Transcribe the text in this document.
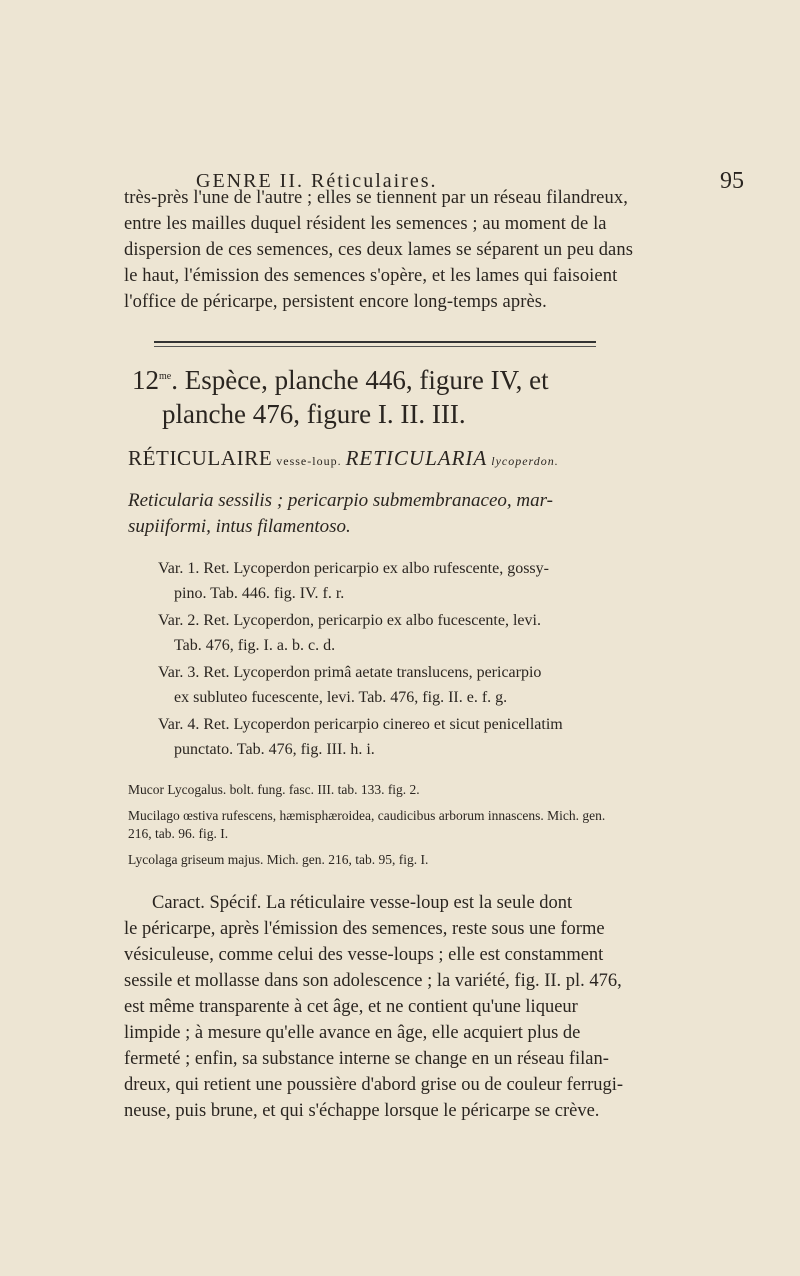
GENRE II. Réticulaires.	95
très-près l'une de l'autre ; elles se tiennent par un réseau filandreux,
entre les mailles duquel résident les semences ; au moment de la
dispersion de ces semences, ces deux lames se séparent un peu dans
le haut, l'émission des semences s'opère, et les lames qui faisoient
l'office de péricarpe, persistent encore long-temps après.
$12^{me}$. Espèce, planche 446, figure IV, et
planche 476, figure I. II. III.
RÉTICULAIRE vesse-loup. RETICULARIA lycoperdon.
Reticularia sessilis ; pericarpio submembranaceo, mar-
supiiformi, intus filamentoso.
Var. 1. Ret. Lycoperdon pericarpio ex albo rufescente, gossy-
pino. Tab. 446. fig. IV. f. r.
Var. 2. Ret. Lycoperdon, pericarpio ex albo fucescente, levi.
Tab. 476, fig. I. a. b. c. d.
Var. 3. Ret. Lycoperdon primâ aetate translucens, pericarpio
ex subluteo fucescente, levi. Tab. 476, fig. II. e. f. g.
Var. 4. Ret. Lycoperdon pericarpio cinereo et sicut penicellatim
punctato. Tab. 476, fig. III. h. i.
Mucor Lycogalus. bolt. fung. fasc. III. tab. 133. fig. 2.
Mucilago œstiva rufescens, hæmisphæroidea, caudicibus arborum innascens. Mich. gen.
216, tab. 96. fig. I.
Lycolaga griseum majus. Mich. gen. 216, tab. 95, fig. I.
Caract. Spécif. La réticulaire vesse-loup est la seule dont
le péricarpe, après l'émission des semences, reste sous une forme
vésiculeuse, comme celui des vesse-loups ; elle est constamment
sessile et mollasse dans son adolescence ; la variété, fig. II. pl. 476,
est même transparente à cet âge, et ne contient qu'une liqueur
limpide ; à mesure qu'elle avance en âge, elle acquiert plus de
fermeté ; enfin, sa substance interne se change en un réseau filan-
dreux, qui retient une poussière d'abord grise ou de couleur ferrugi-
neuse, puis brune, et qui s'échappe lorsque le péricarpe se crève.
